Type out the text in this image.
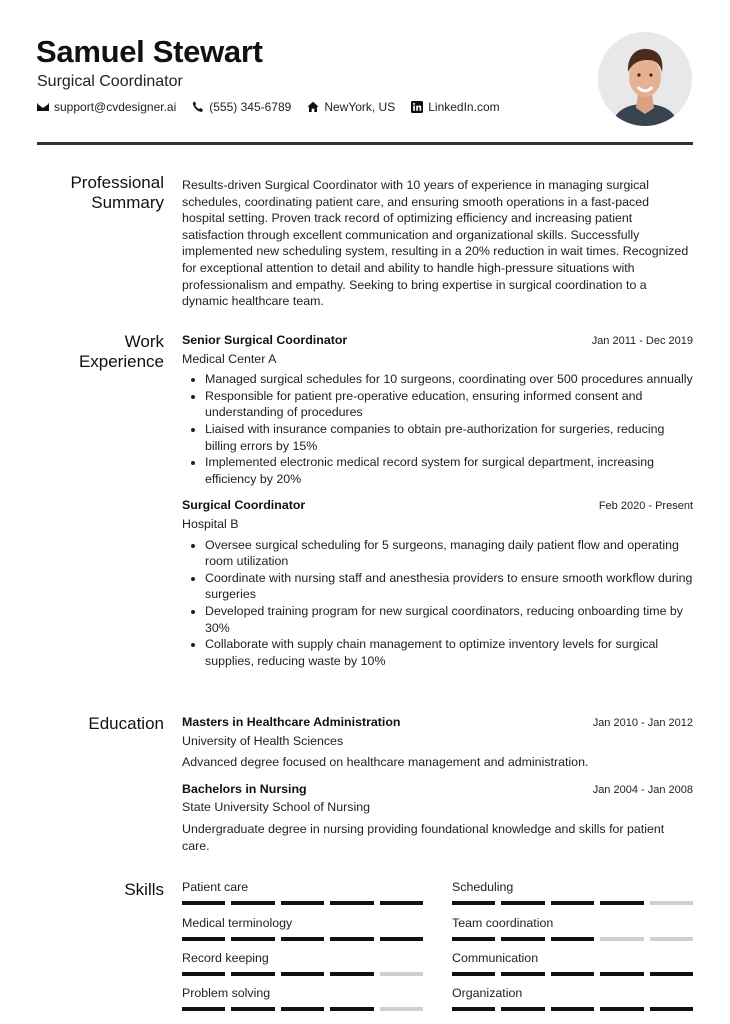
Samuel Stewart
Surgical Coordinator
support@cvdesigner.ai	(555) 345-6789	NewYork, US	LinkedIn.com
Professional
Summary

Results-driven Surgical Coordinator with 10 years of experience in managing surgical schedules, coordinating patient care, and ensuring smooth operations in a fast-paced hospital setting. Proven track record of optimizing efficiency and increasing patient satisfaction through excellent communication and organizational skills. Successfully implemented new scheduling system, resulting in a 20% reduction in wait times. Recognized for exceptional attention to detail and ability to handle high-pressure situations with professionalism and empathy. Seeking to bring expertise in surgical coordination to a dynamic healthcare team.

Work
Experience
Senior Surgical Coordinator	Jan 2011 - Dec 2019
Medical Center A
• Managed surgical schedules for 10 surgeons, coordinating over 500 procedures annually
• Responsible for patient pre-operative education, ensuring informed consent and understanding of procedures
• Liaised with insurance companies to obtain pre-authorization for surgeries, reducing billing errors by 15%
• Implemented electronic medical record system for surgical department, increasing efficiency by 20%
Surgical Coordinator	Feb 2020 - Present
Hospital B
• Oversee surgical scheduling for 5 surgeons, managing daily patient flow and operating room utilization
• Coordinate with nursing staff and anesthesia providers to ensure smooth workflow during surgeries
• Developed training program for new surgical coordinators, reducing onboarding time by 30%
• Collaborate with supply chain management to optimize inventory levels for surgical supplies, reducing waste by 10%
Education Masters in Healthcare Administration	Jan 2010 - Jan 2012
University of Health Sciences
Advanced degree focused on healthcare management and administration.
Bachelors in Nursing	Jan 2004 - Jan 2008
State University School of Nursing
Undergraduate degree in nursing providing foundational knowledge and skills for patient care.
Skills Patient care	Scheduling
Medical terminology	Team coordination
Record keeping	Communication
Problem solving	Organization
